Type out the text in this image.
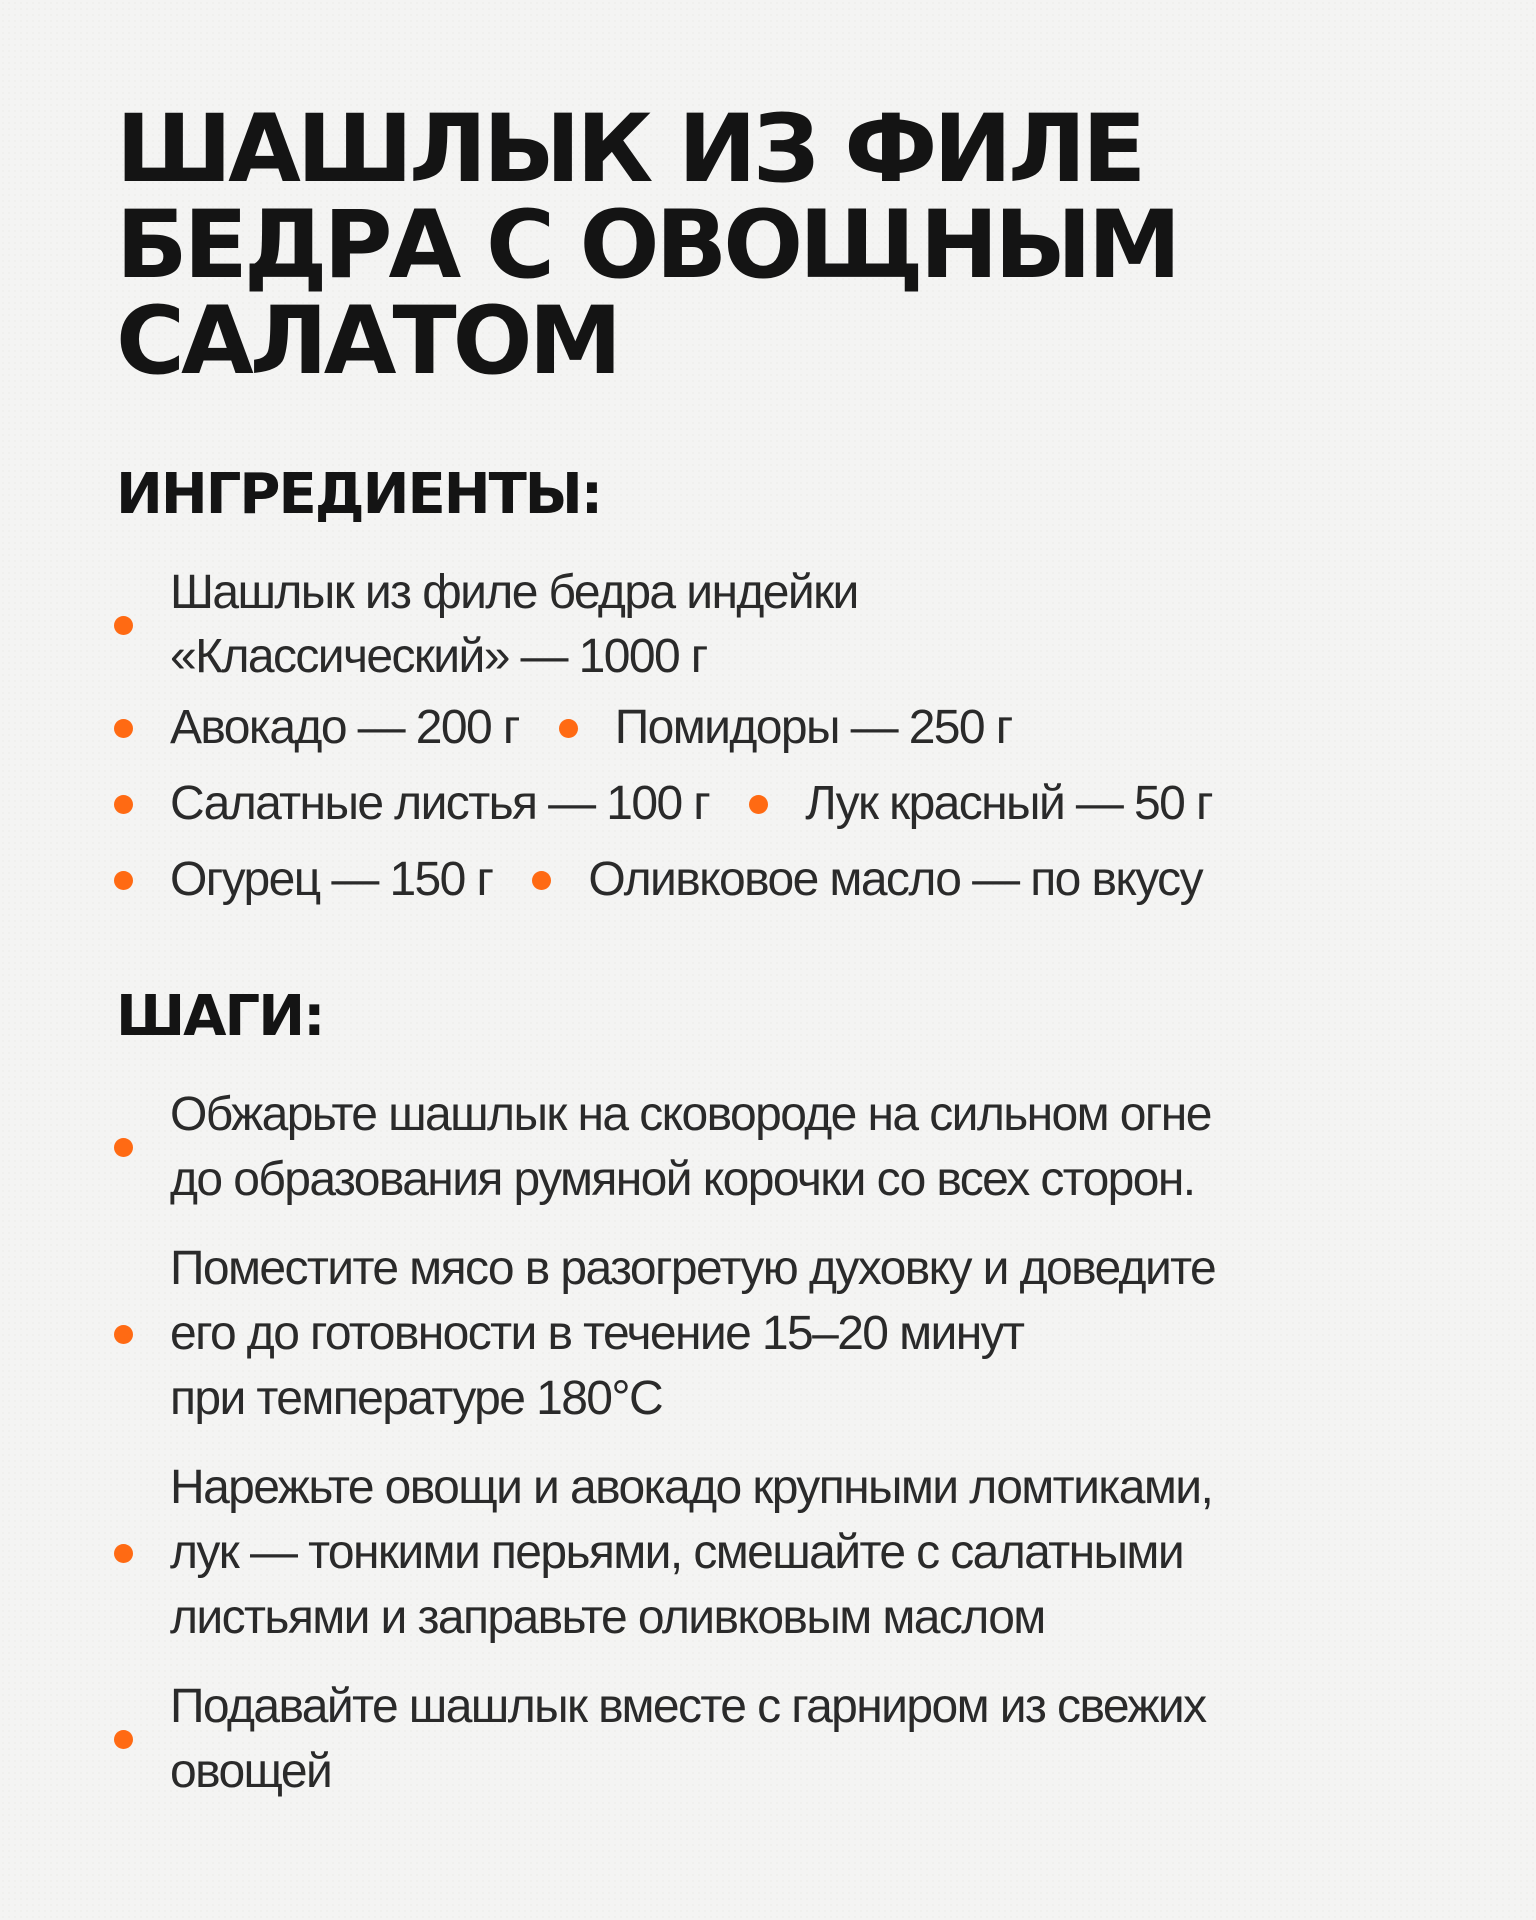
ШАШЛЫК ИЗ ФИЛЕ
БЕДРА С ОВОЩНЫМ
САЛАТОМ
ИНГРЕДИЕНТЫ:
Шашлык из филе бедра индейки
«Классический» — 1000 г
Авокадо — 200 г Помидоры — 250 г
Салатные листья — 100 г Лук красный — 50 г
Огурец — 150 г Оливковое масло — по вкусу
ШАГИ:
Обжарьте шашлык на сковороде на сильном огне
до образования румяной корочки со всех сторон.
Поместите мясо в разогретую духовку и доведите
его до готовности в течение 15–20 минут
при температуре 180°C
Нарежьте овощи и авокадо крупными ломтиками,
лук — тонкими перьями, смешайте с салатными
листьями и заправьте оливковым маслом
Подавайте шашлык вместе с гарниром из свежих
овощей
